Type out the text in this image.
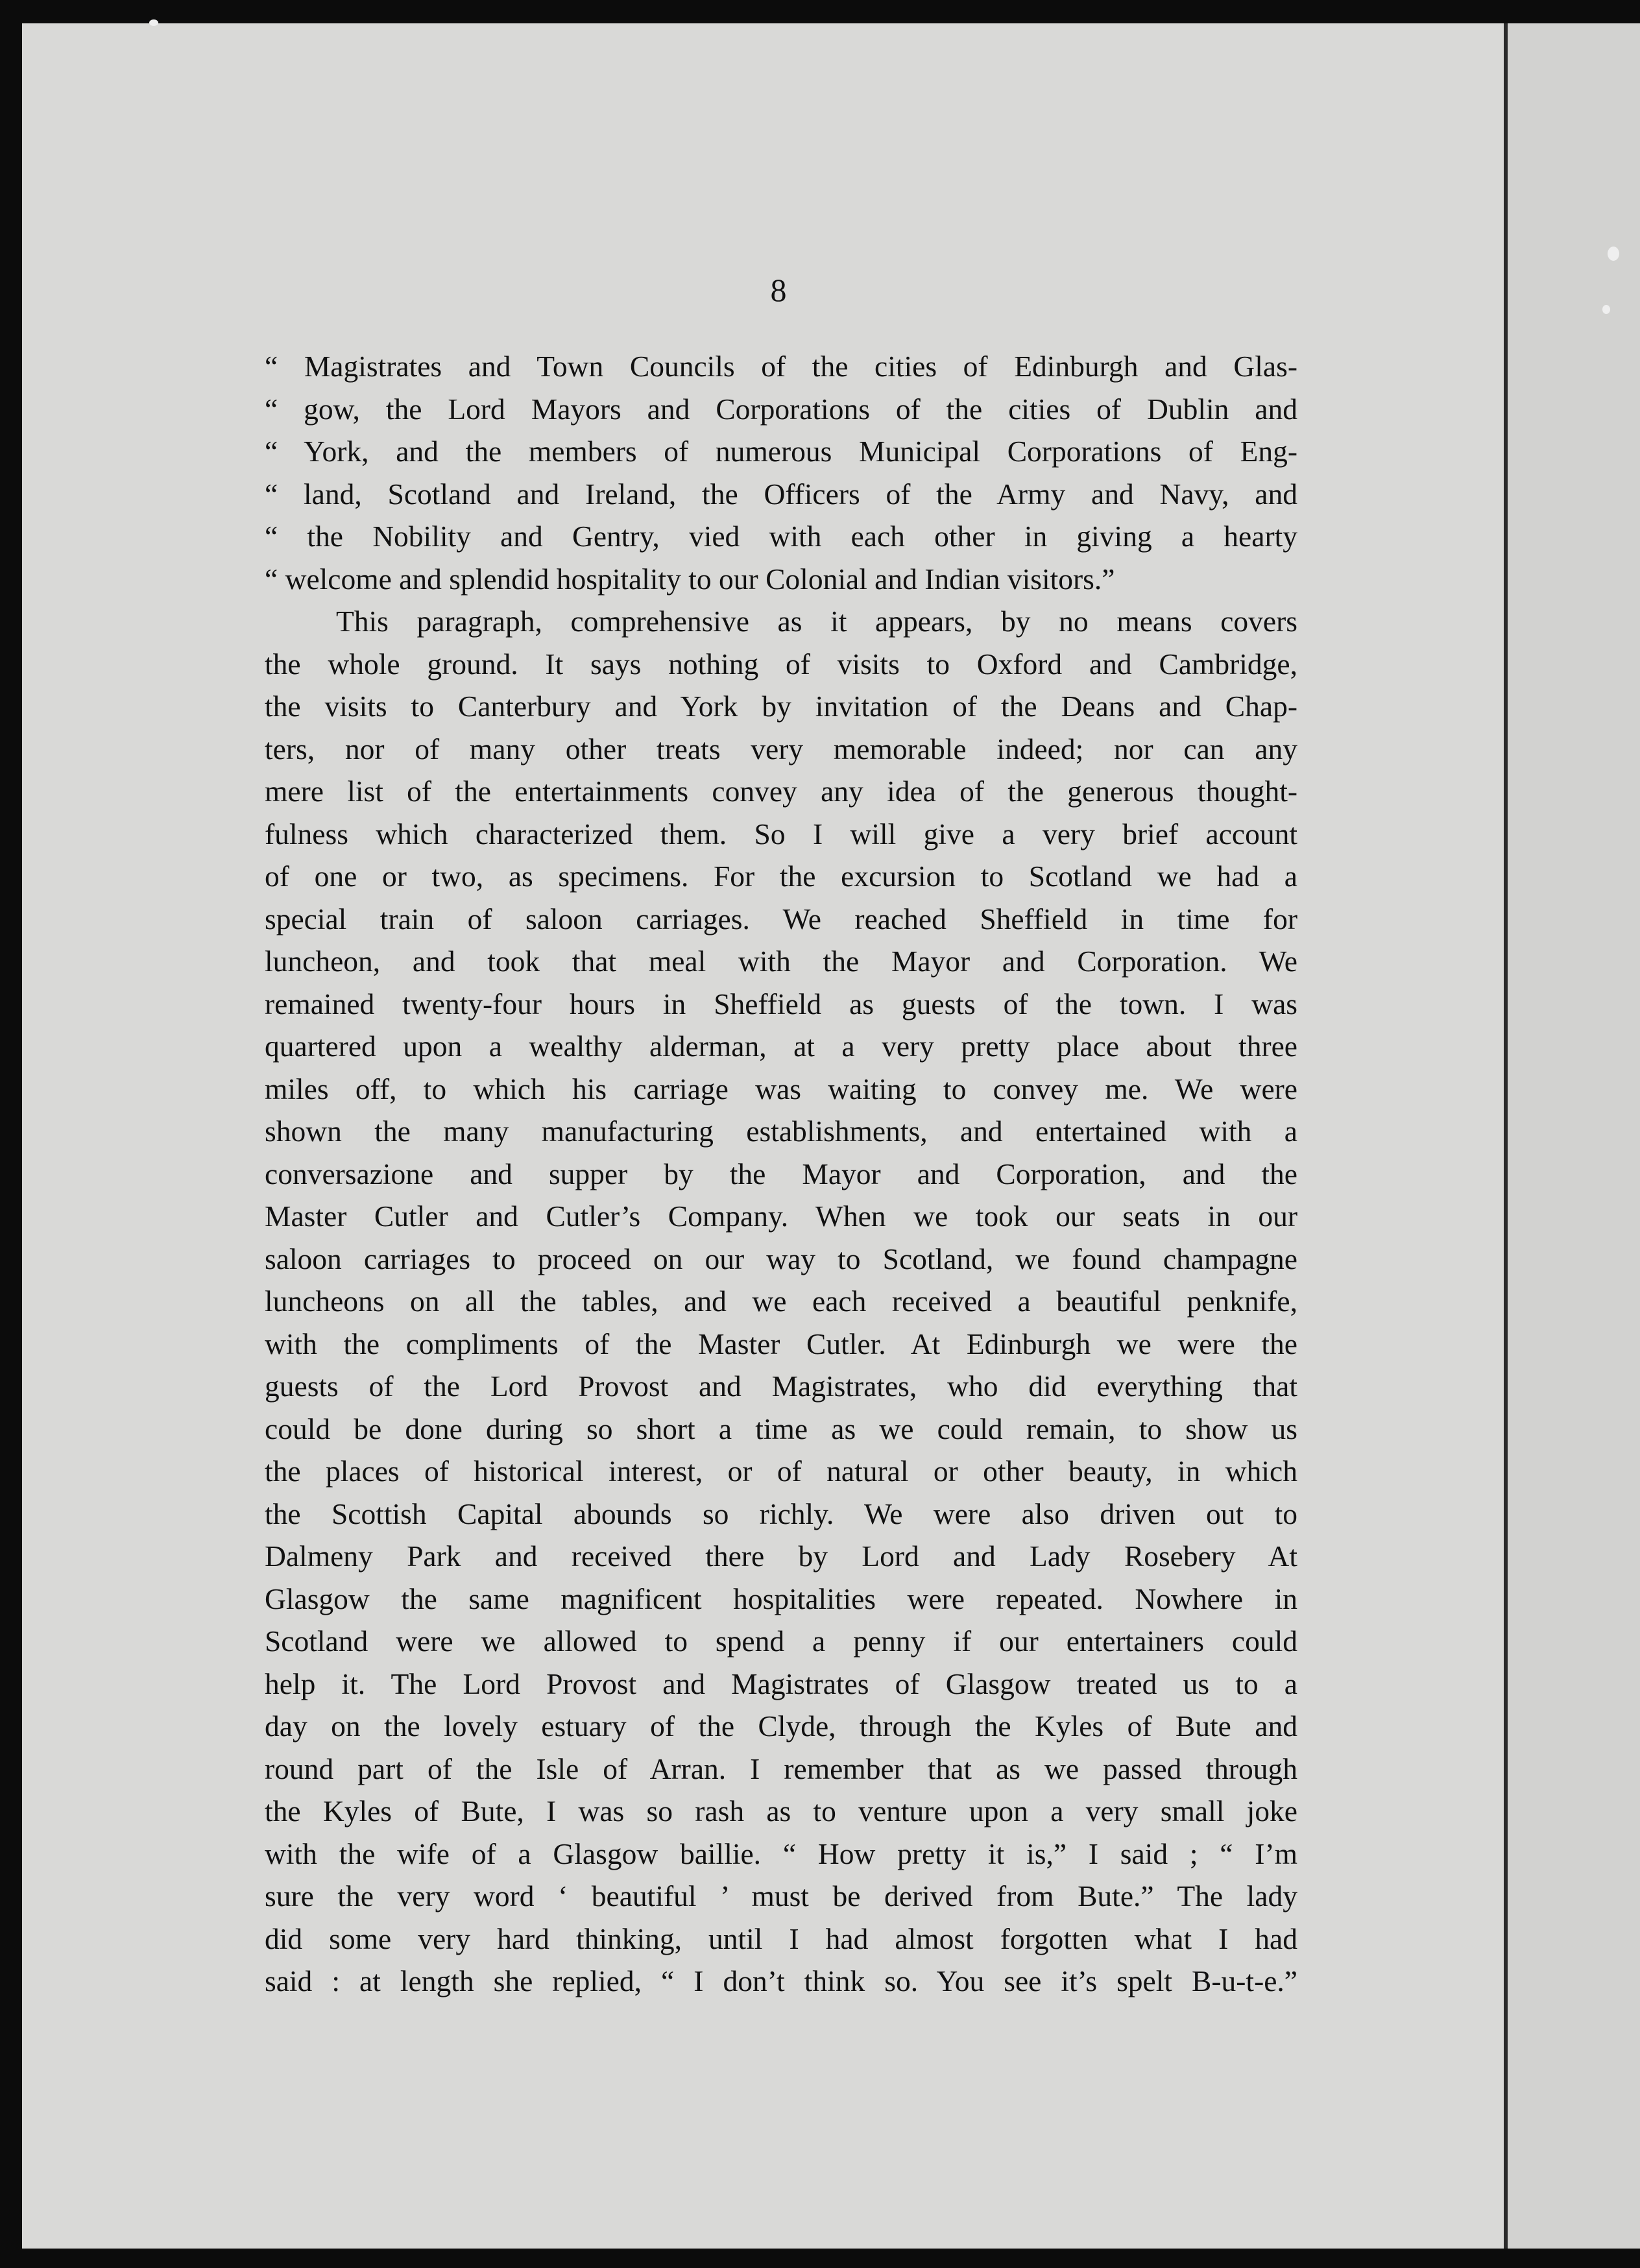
8
“ Magistrates and Town Councils of the cities of Edinburgh and Glas-
“ gow, the Lord Mayors and Corporations of the cities of Dublin and
“ York, and the members of numerous Municipal Corporations of Eng-
“ land, Scotland and Ireland, the Officers of the Army and Navy, and
“ the Nobility and Gentry, vied with each other in giving a hearty
“ welcome and splendid hospitality to our Colonial and Indian visitors.”
This paragraph, comprehensive as it appears, by no means covers
the whole ground. It says nothing of visits to Oxford and Cambridge,
the visits to Canterbury and York by invitation of the Deans and Chap-
ters, nor of many other treats very memorable indeed; nor can any
mere list of the entertainments convey any idea of the generous thought-
fulness which characterized them. So I will give a very brief account
of one or two, as specimens. For the excursion to Scotland we had a
special train of saloon carriages. We reached Sheffield in time for
luncheon, and took that meal with the Mayor and Corporation. We
remained twenty-four hours in Sheffield as guests of the town. I was
quartered upon a wealthy alderman, at a very pretty place about three
miles off, to which his carriage was waiting to convey me. We were
shown the many manufacturing establishments, and entertained with a
conversazione and supper by the Mayor and Corporation, and the
Master Cutler and Cutler’s Company. When we took our seats in our
saloon carriages to proceed on our way to Scotland, we found champagne
luncheons on all the tables, and we each received a beautiful penknife,
with the compliments of the Master Cutler. At Edinburgh we were the
guests of the Lord Provost and Magistrates, who did everything that
could be done during so short a time as we could remain, to show us
the places of historical interest, or of natural or other beauty, in which
the Scottish Capital abounds so richly. We were also driven out to
Dalmeny Park and received there by Lord and Lady Rosebery At
Glasgow the same magnificent hospitalities were repeated. Nowhere in
Scotland were we allowed to spend a penny if our entertainers could
help it. The Lord Provost and Magistrates of Glasgow treated us to a
day on the lovely estuary of the Clyde, through the Kyles of Bute and
round part of the Isle of Arran. I remember that as we passed through
the Kyles of Bute, I was so rash as to venture upon a very small joke
with the wife of a Glasgow baillie. “ How pretty it is,” I said ; “ I’m
sure the very word ‘ beautiful ’ must be derived from Bute.” The lady
did some very hard thinking, until I had almost forgotten what I had
said : at length she replied, “ I don’t think so. You see it’s spelt B-u-t-e.”
